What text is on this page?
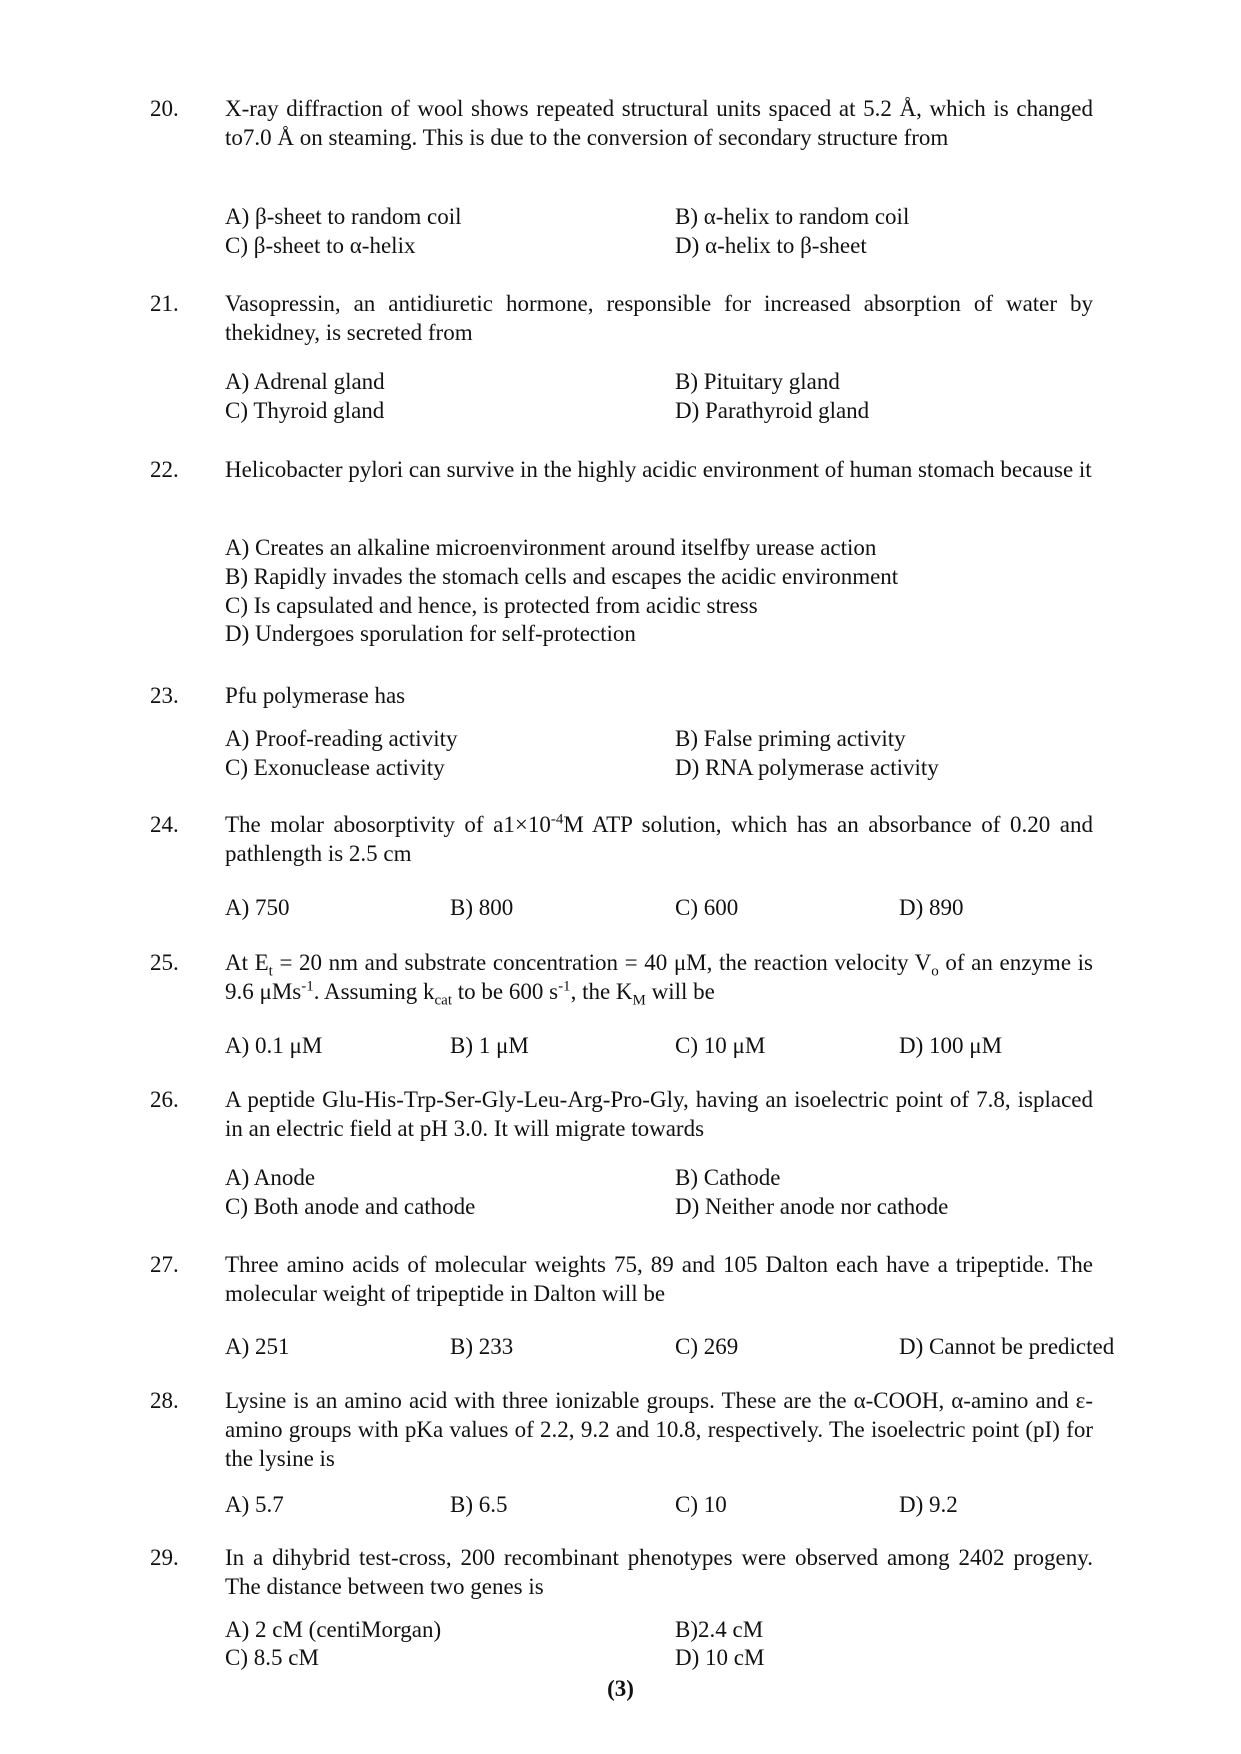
20. X-ray diffraction of wool shows repeated structural units spaced at 5.2 Å, which is changed to7.0 Å on steaming. This is due to the conversion of secondary structure from
A) β-sheet to random coil	B) α-helix to random coil
C) β-sheet to α-helix	D) α-helix to β-sheet
21. Vasopressin, an antidiuretic hormone, responsible for increased absorption of water by thekidney, is secreted from
A) Adrenal gland	B) Pituitary gland
C) Thyroid gland	D) Parathyroid gland
22. Helicobacter pylori can survive in the highly acidic environment of human stomach because it
A) Creates an alkaline microenvironment around itselfby urease action
B) Rapidly invades the stomach cells and escapes the acidic environment
C) Is capsulated and hence, is protected from acidic stress
D) Undergoes sporulation for self-protection
23. Pfu polymerase has
A) Proof-reading activity	B) False priming activity
C) Exonuclease activity	D) RNA polymerase activity
24. The molar abosorptivity of $a1\times 10^{-4}M$ ATP solution, which has an absorbance of 0.20 and pathlength is 2.5 cm
A) 750	B) 800	C) 600	D) 890
25. At $E_t = 20$ nm and substrate concentration = 40 μM, the reaction velocity $V_o$ of an enzyme is 9.6 μMs$^{-1}$. Assuming $k_{cat}$ to be 600 $s^{-1}$, the $K_M$ will be
A) 0.1 μM	B) 1 μM	C) 10 μM	D) 100 μM
26. A peptide Glu-His-Trp-Ser-Gly-Leu-Arg-Pro-Gly, having an isoelectric point of 7.8, isplaced in an electric field at pH 3.0. It will migrate towards
A) Anode	B) Cathode
C) Both anode and cathode	D) Neither anode nor cathode
27. Three amino acids of molecular weights 75, 89 and 105 Dalton each have a tripeptide. The molecular weight of tripeptide in Dalton will be
A) 251	B) 233	C) 269	D) Cannot be predicted
28. Lysine is an amino acid with three ionizable groups. These are the α-COOH, α-amino and ε-amino groups with pKa values of 2.2, 9.2 and 10.8, respectively. The isoelectric point (pI) for the lysine is
A) 5.7	B) 6.5	C) 10	D) 9.2
29. In a dihybrid test-cross, 200 recombinant phenotypes were observed among 2402 progeny. The distance between two genes is
A) 2 cM (centiMorgan)	B)2.4 cM
C) 8.5 cM	D) 10 cM
(3)
